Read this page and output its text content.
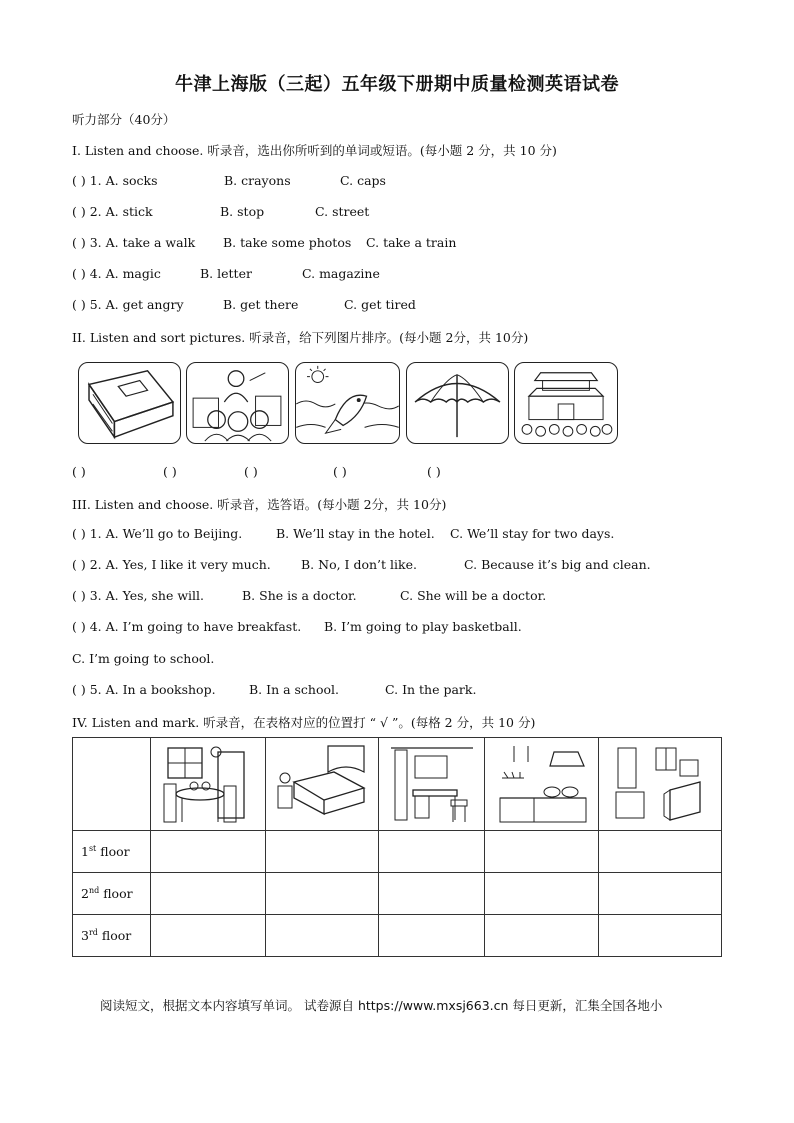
牛津上海版（三起）五年级下册期中质量检测英语试卷
听力部分（40分）
I. Listen and choose. 听录音，选出你所听到的单词或短语。(每小题 2 分，共 10 分)
( ) 1. A. socks	B. crayons	C. caps
( ) 2. A. stick	B. stop	C. street
( ) 3. A. take a walk B. take some photos C. take a train
( ) 4. A. magic	B. letter	C. magazine
( ) 5. A. get angry	B. get there	C. get tired
II. Listen and sort pictures. 听录音，给下列图片排序。(每小题 2分，共 10分)
( )	( )	( )	( )	( )
III. Listen and choose. 听录音，选答语。(每小题 2分，共 10分)
( ) 1. A. We’ll go to Beijing.	B. We’ll stay in the hotel. C. We’ll stay for two days.
( ) 2. A. Yes, I like it very much. B. No, I don’t like.	C. Because it’s big and clean.
( ) 3. A. Yes, she will.	B. She is a doctor.	C. She will be a doctor.
( ) 4. A. I’m going to have breakfast. B. I’m going to play basketball.
C. I’m going to school.
( ) 5. A. In a bookshop.	B. In a school.	C. In the park.
IV. Listen and mark. 听录音，在表格对应的位置打 “ √ ”。(每格 2 分，共 10 分)

1st floor					
2nd floor					
3rd floor					
阅读短文，根据文本内容填写单词。 试卷源自 https://www.mxsj663.cn 每日更新，汇集全国各地小
